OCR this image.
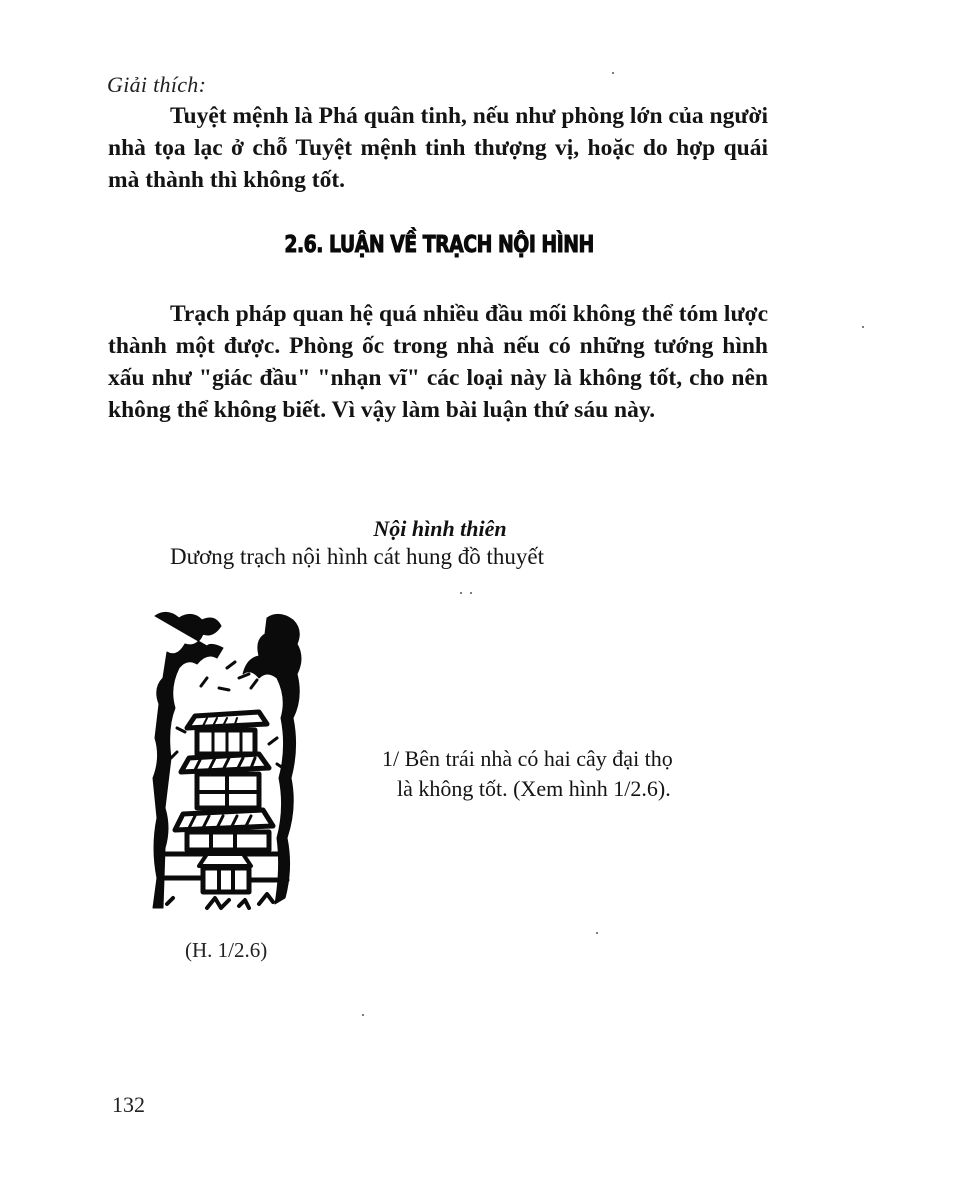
Giải thích:
Tuyệt mệnh là Phá quân tinh, nếu như phòng lớn của người nhà tọa lạc ở chỗ Tuyệt mệnh tinh thượng vị, hoặc do hợp quái mà thành thì không tốt.
2.6. LUẬN VỀ TRẠCH NỘI HÌNH
Trạch pháp quan hệ quá nhiều đầu mối không thể tóm lược thành một được. Phòng ốc trong nhà nếu có những tướng hình xấu như "giác đầu" "nhạn vĩ" các loại này là không tốt, cho nên không thể không biết. Vì vậy làm bài luận thứ sáu này.
Nội hình thiên
Dương trạch nội hình cát hung đồ thuyết
1/ Bên trái nhà có hai cây đại thọ
là không tốt. (Xem hình 1/2.6).
(H. 1/2.6)
132
